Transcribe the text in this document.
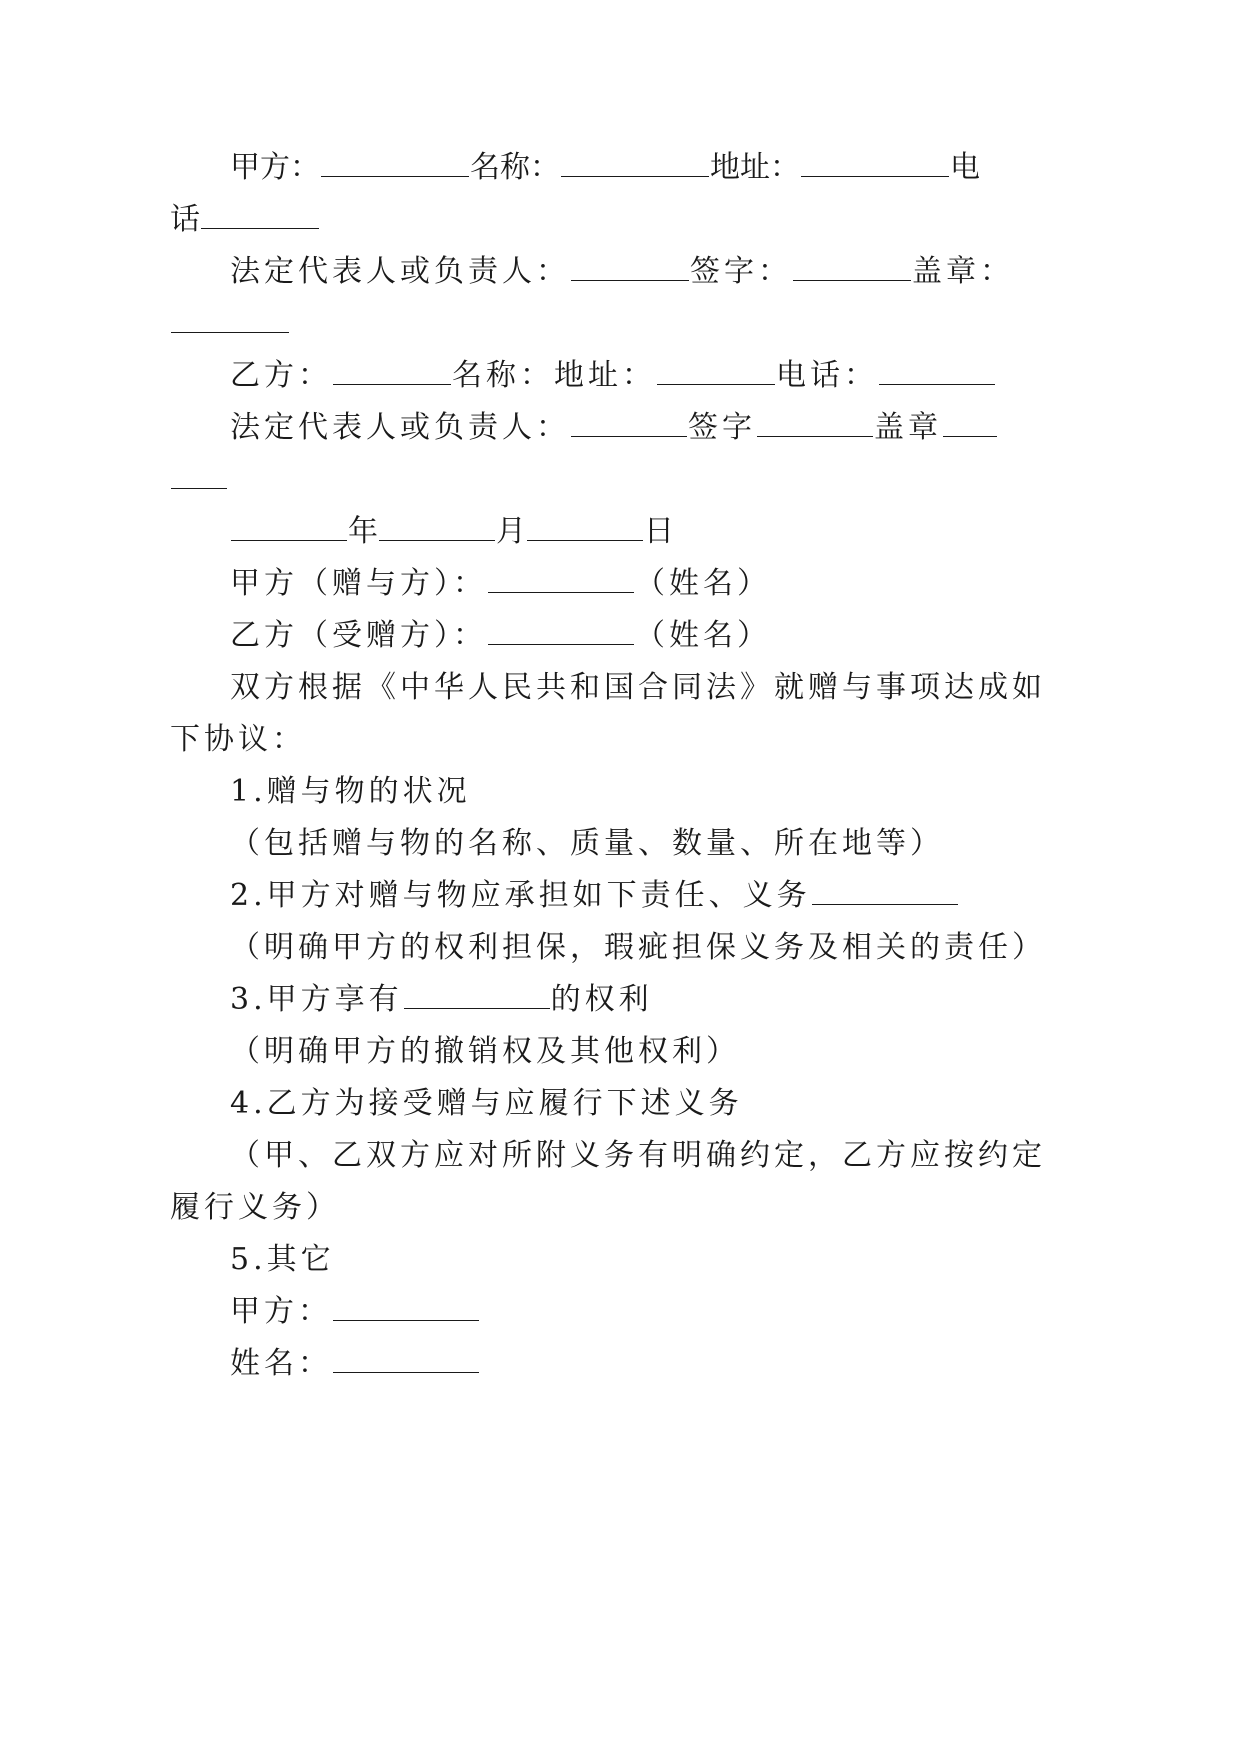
甲方：	名称：	地址：	电
话
法定代表人或负责人：	签字：	盖章：
乙方：	名称：地址：	电话：
法定代表人或负责人：	签字	盖章
年	月	日
甲方（赠与方）：	（姓名）
乙方（受赠方）：	（姓名）
双方根据《中华人民共和国合同法》就赠与事项达成如
下协议：
1.赠与物的状况
（包括赠与物的名称、质量、数量、所在地等）
2.甲方对赠与物应承担如下责任、义务
（明确甲方的权利担保，瑕疵担保义务及相关的责任）
3.甲方享有	的权利
（明确甲方的撤销权及其他权利）
4.乙方为接受赠与应履行下述义务
（甲、乙双方应对所附义务有明确约定，乙方应按约定
履行义务）
5.其它
甲方：
姓名：
